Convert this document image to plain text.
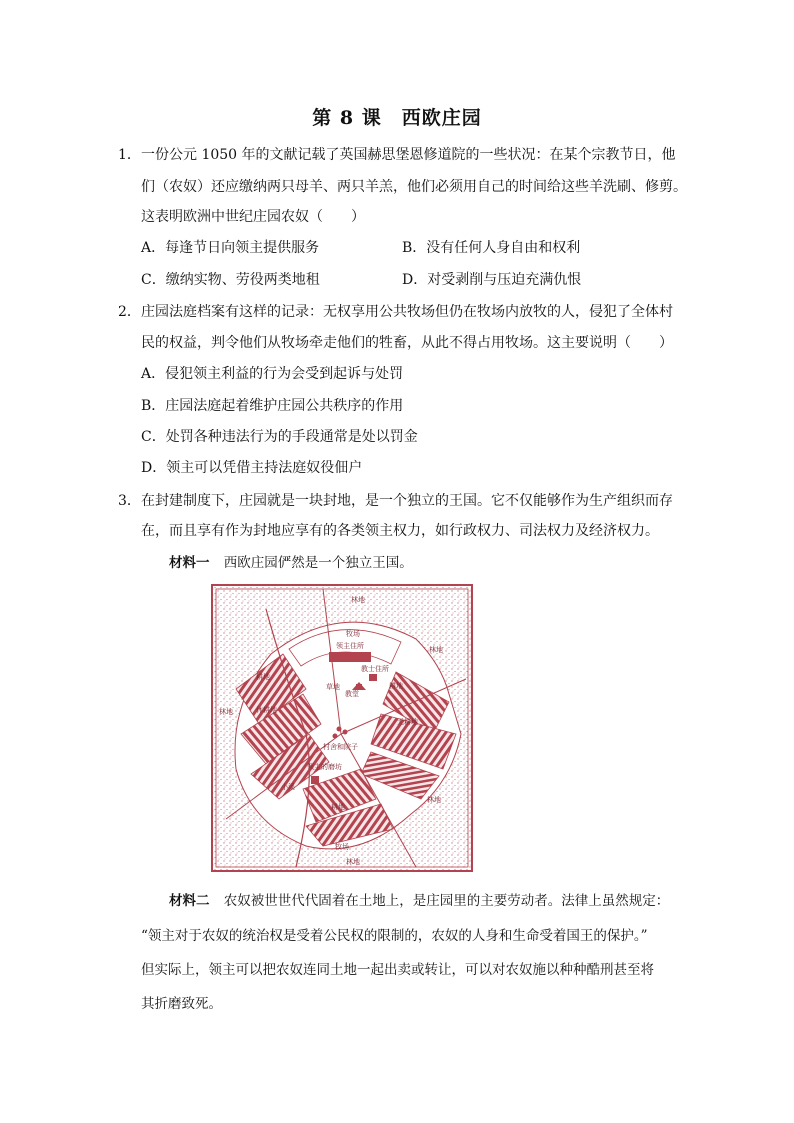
第 8 课　西欧庄园
1． 一份公元 1050 年的文献记载了英国赫思堡恩修道院的一些状况：在某个宗教节日，他
们（农奴）还应缴纳两只母羊、两只羊羔，他们必须用自己的时间给这些羊洗刷、修剪。
这表明欧洲中世纪庄园农奴（　　）
A．每逢节日向领主提供服务	B．没有任何人身自由和权利
C．缴纳实物、劳役两类地租	D．对受剥削与压迫充满仇恨
2． 庄园法庭档案有这样的记录：无权享用公共牧场但仍在牧场内放牧的人，侵犯了全体村
民的权益，判令他们从牧场牵走他们的牲畜，从此不得占用牧场。这主要说明（　　）
A．侵犯领主利益的行为会受到起诉与处罚
B．庄园法庭起着维护庄园公共秩序的作用
C．处罚各种违法行为的手段通常是处以罚金
D．领主可以凭借主持法庭奴役佃户
3． 在封建制度下，庄园就是一块封地，是一个独立的王国。它不仅能够作为生产组织而存
在，而且享有作为封地应享有的各类领主权力，如行政权力、司法权力及经济权力。
材料一 西欧庄园俨然是一个独立王国。
林地
牧场
林地
领主住所
教士住所
教堂
耕地
耕地
休耕地
无耕地
村舍和院子
领主的磨坊
林地
小溪
林地
耕地
牧场
林地
草地
材料二 农奴被世世代代固着在土地上，是庄园里的主要劳动者。法律上虽然规定：
“领主对于农奴的统治权是受着公民权的限制的，农奴的人身和生命受着国王的保护。”
但实际上，领主可以把农奴连同土地一起出卖或转让，可以对农奴施以种种酷刑甚至将
其折磨致死。
